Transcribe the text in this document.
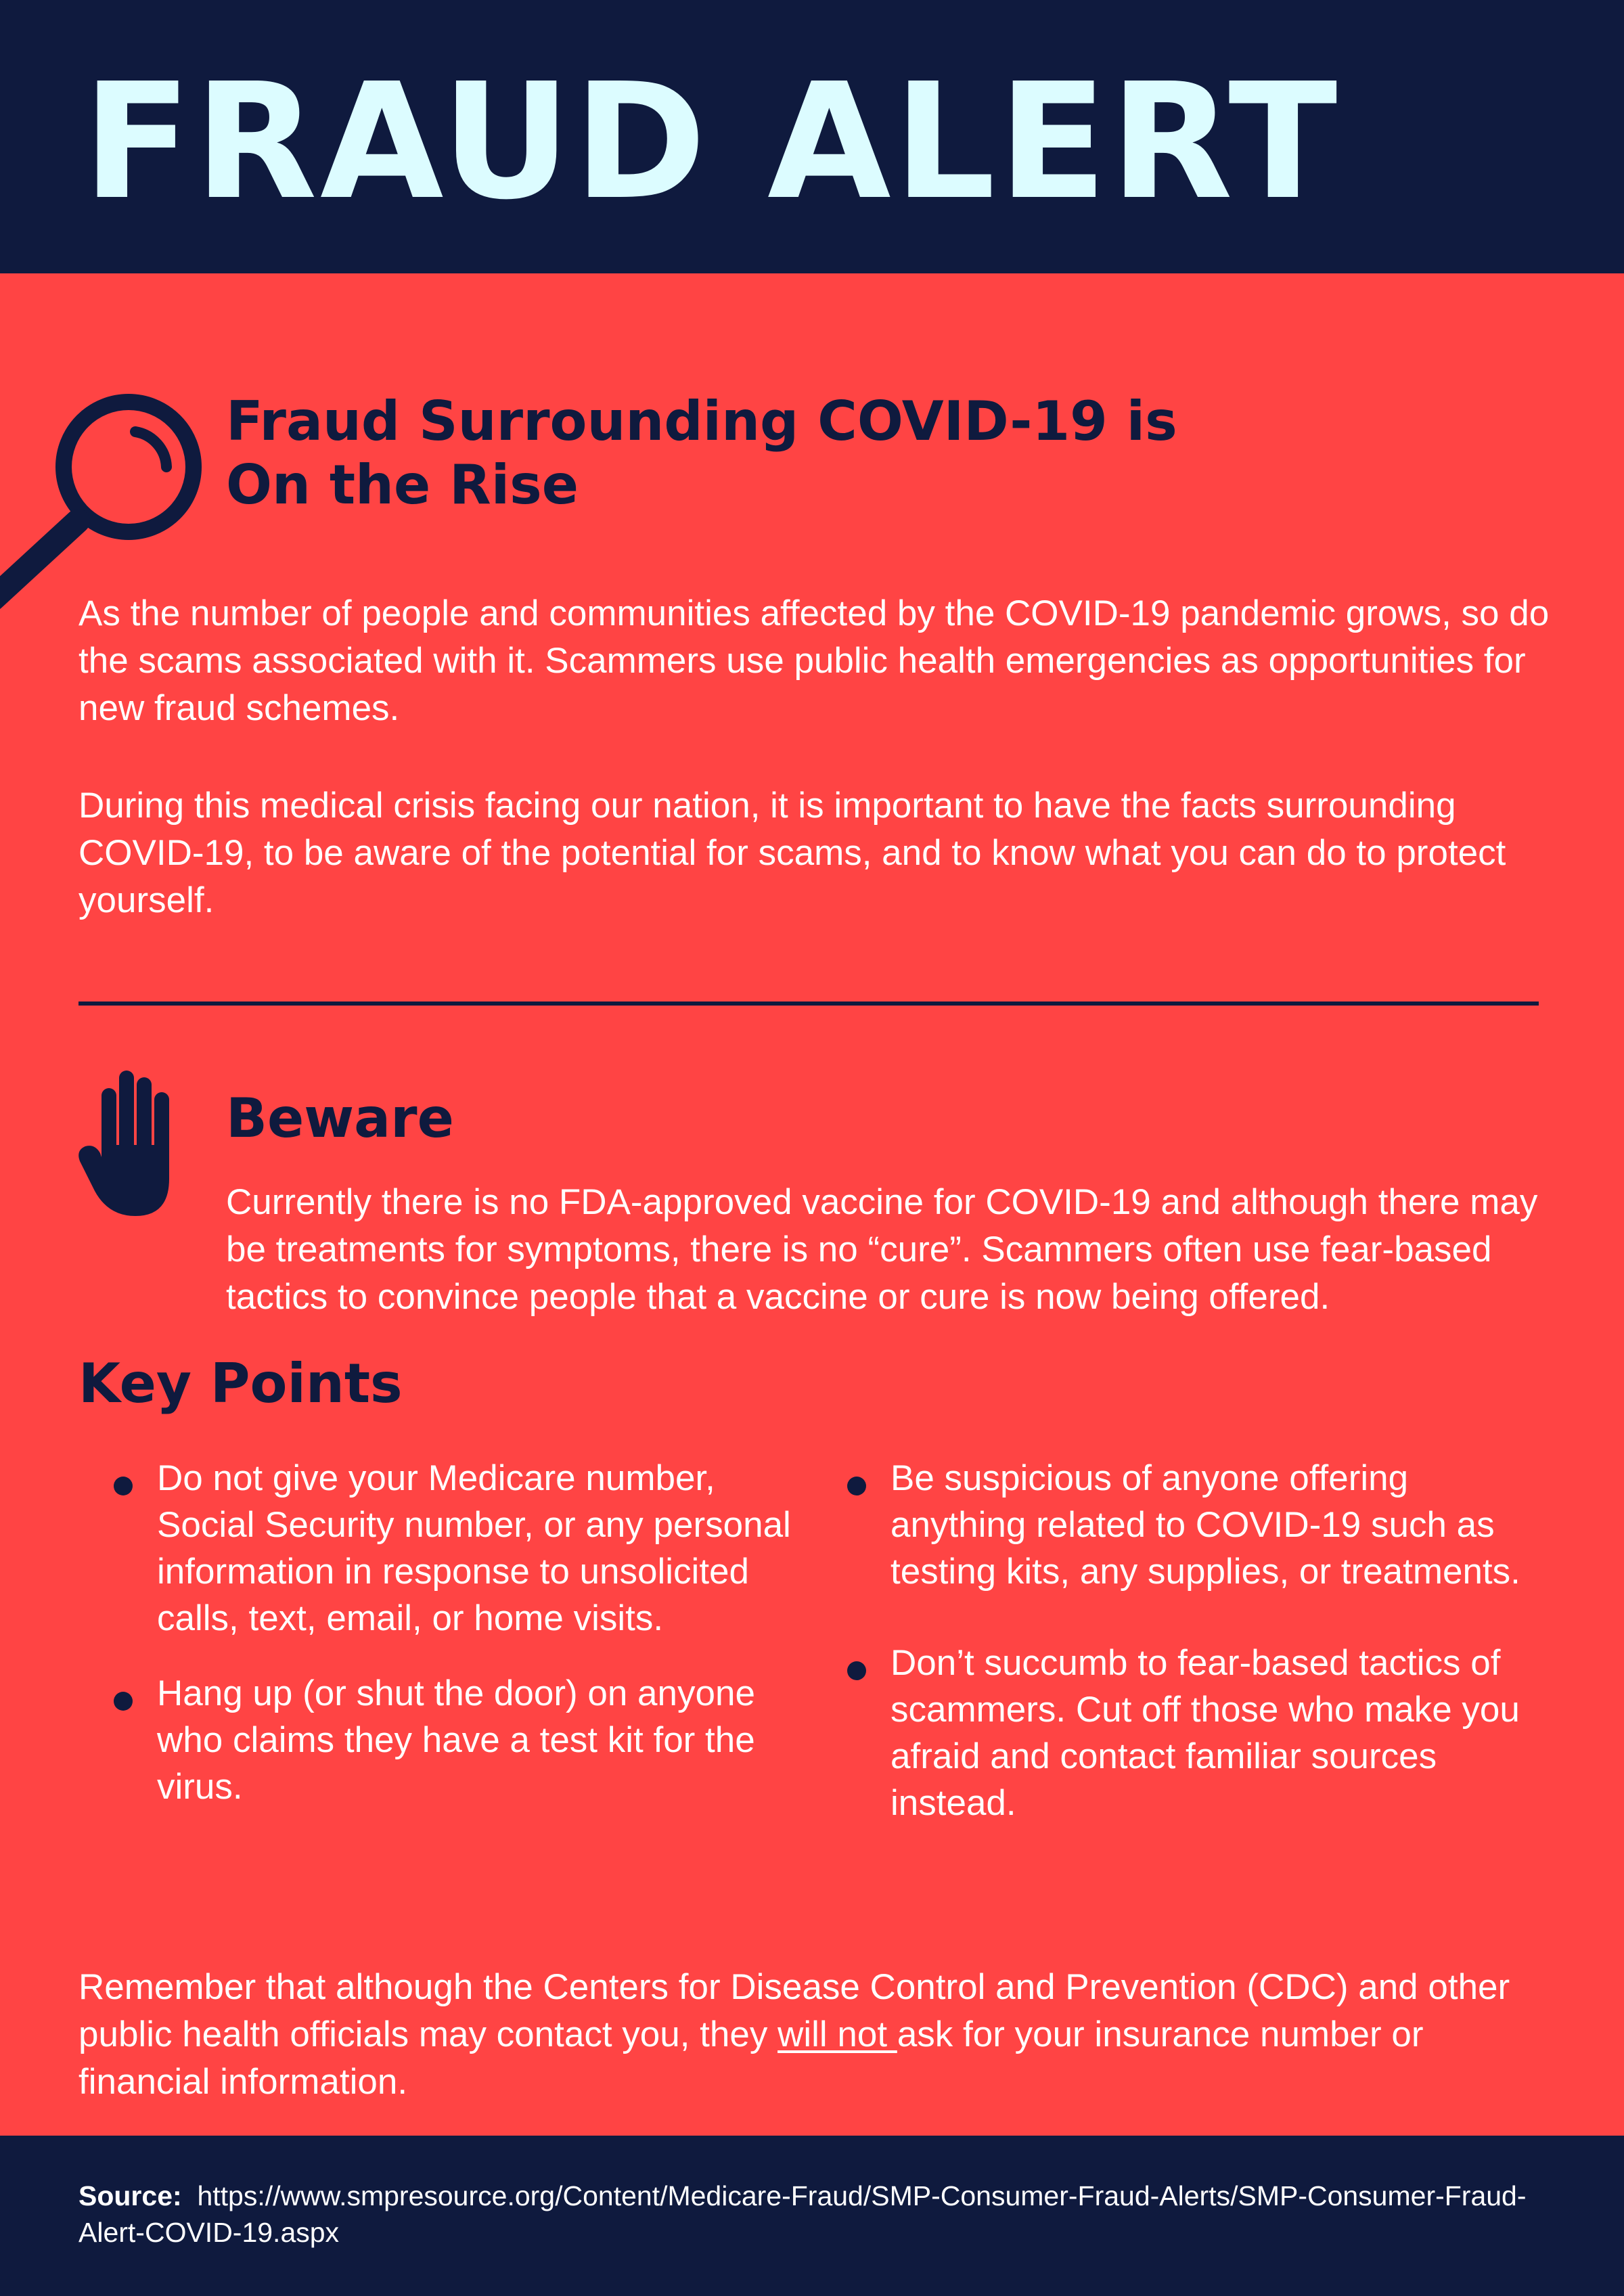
FRAUD ALERT
Fraud Surrounding COVID-19 is
On the Rise

As the number of people and communities affected by the COVID-19 pandemic grows, so do the scams associated with it. Scammers use public health emergencies as opportunities for new fraud schemes.

During this medical crisis facing our nation, it is important to have the facts surrounding COVID-19, to be aware of the potential for scams, and to know what you can do to protect yourself.

Beware

Currently there is no FDA-approved vaccine for COVID-19 and although there may be treatments for symptoms, there is no “cure”. Scammers often use fear-based tactics to convince people that a vaccine or cure is now being offered.

Key Points
Do not give your Medicare number, Social Security number, or any personal information in response to unsolicited calls, text, email, or home visits.
Hang up (or shut the door) on anyone who claims they have a test kit for the virus.
Be suspicious of anyone offering anything related to COVID-19 such as testing kits, any supplies, or treatments.
Don’t succumb to fear-based tactics of scammers. Cut off those who make you afraid and contact familiar sources instead.

Remember that although the Centers for Disease Control and Prevention (CDC) and other public health officials may contact you, they will not ask for your insurance number or financial information.

Source: https://www.smpresource.org/Content/Medicare-Fraud/SMP-Consumer-Fraud-Alerts/SMP-Consumer-Fraud-Alert-COVID-19.aspx
